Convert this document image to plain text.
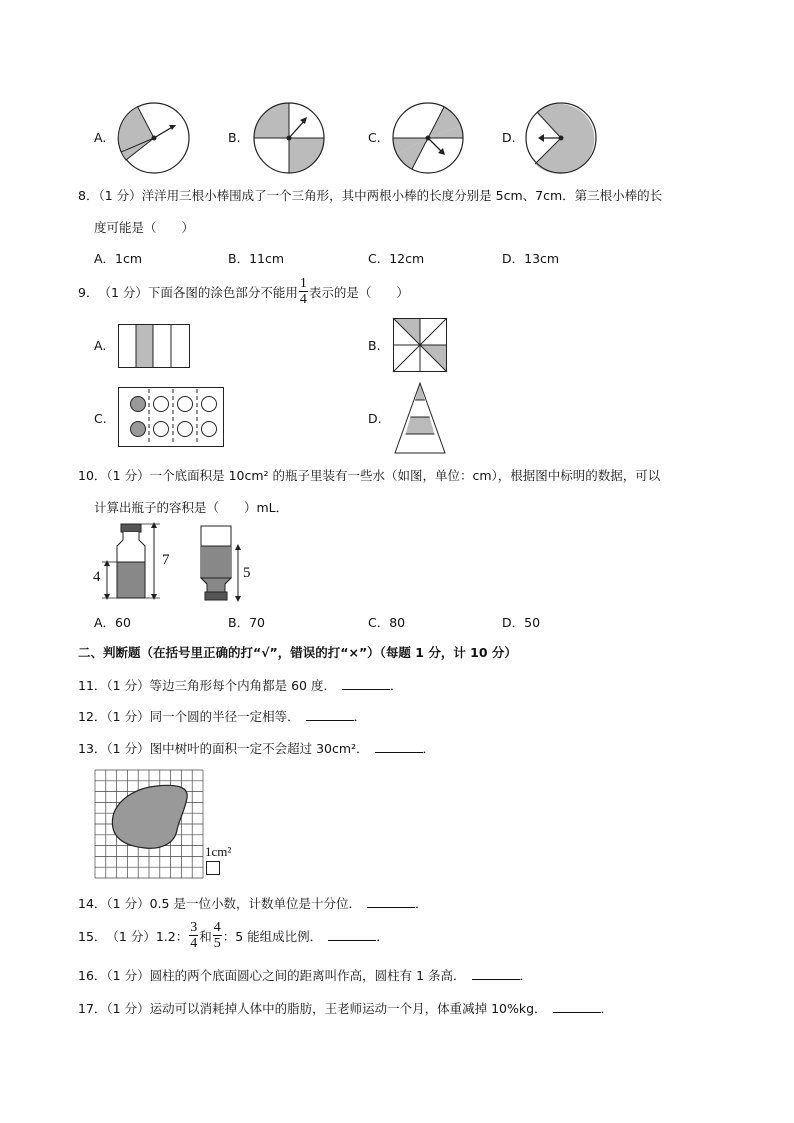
A.	B.	C.	D.
8．（1 分）洋洋用三根小棒围成了一个三角形，其中两根小棒的长度分别是 5cm、7cm．第三根小棒的长
度可能是（　　）
A．1cm	B．11cm	C．12cm	D．13cm
9． （1 分） 下面各图的涂色部分不能用 $\frac{1}{4}$ 表示的是（　　）
A.	B.
C.	D.
10．（1 分）一个底面积是 10cm² 的瓶子里装有一些水（如图，单位：cm），根据图中标明的数据，可以
计算出瓶子的容积是（　　）mL．
4
7
5
A．60	B．70	C．80	D．50
二、判断题（在括号里正确的打“√”，错误的打“×”）（每题 1 分，计 10 分）
11．（1 分）等边三角形每个内角都是 60 度．	．
12．（1 分）同一个圆的半径一定相等．	．
13．（1 分）图中树叶的面积一定不会超过 30cm²．	．
1cm²
14．（1 分）0.5 是一位小数，计数单位是十分位．	．
15． （1 分） 1.2： $\frac{3}{4}$ 和 $\frac{4}{5}$ ：5 能组成比例．	．
16．（1 分）圆柱的两个底面圆心之间的距离叫作高，圆柱有 1 条高．	．
17．（1 分）运动可以消耗掉人体中的脂肪，王老师运动一个月，体重减掉 10%kg．	．
